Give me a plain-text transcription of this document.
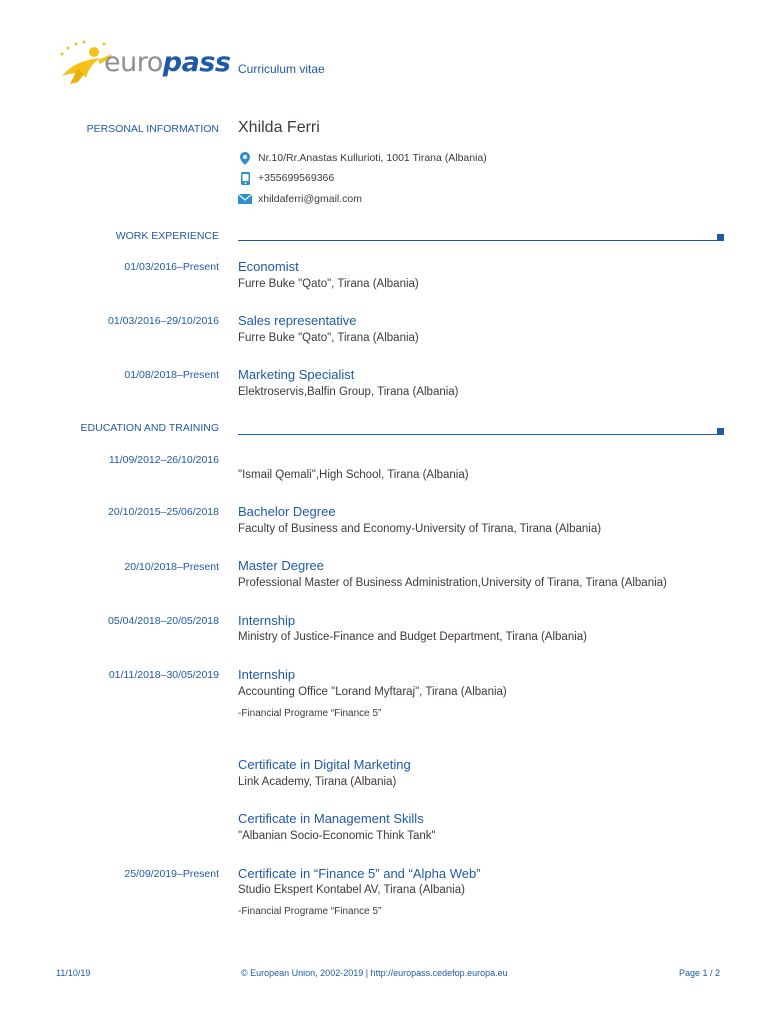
europass Curriculum vitae
PERSONAL INFORMATION Xhilda Ferri
Nr.10/Rr.Anastas Kullurioti, 1001 Tirana (Albania)
+355699569366
xhildaferri@gmail.com
WORK EXPERIENCE
01/03/2016–Present Economist
Furre Buke "Qato", Tirana (Albania)
01/03/2016–29/10/2016 Sales representative
Furre Buke "Qato", Tirana (Albania)
01/08/2018–Present Marketing Specialist
Elektroservis,Balfin Group, Tirana (Albania)
EDUCATION AND TRAINING
11/09/2012–26/10/2016
"Ismail Qemali",High School, Tirana (Albania)
20/10/2015–25/06/2018 Bachelor Degree
Faculty of Business and Economy-University of Tirana, Tirana (Albania)
20/10/2018–Present Master Degree
Professional Master of Business Administration,University of Tirana, Tirana (Albania)
05/04/2018–20/05/2018 Internship
Ministry of Justice-Finance and Budget Department, Tirana (Albania)
01/11/2018–30/05/2019 Internship
Accounting Office "Lorand Myftaraj", Tirana (Albania)
-Financial Programe “Finance 5”
Certificate in Digital Marketing
Link Academy, Tirana (Albania)
Certificate in Management Skills
"Albanian Socio-Economic Think Tank"
25/09/2019–Present Certificate in “Finance 5” and “Alpha Web”
Studio Ekspert Kontabel AV, Tirana (Albania)
-Financial Programe “Finance 5”
11/10/19	© European Union, 2002-2019 | http://europass.cedefop.europa.eu	Page 1 / 2
